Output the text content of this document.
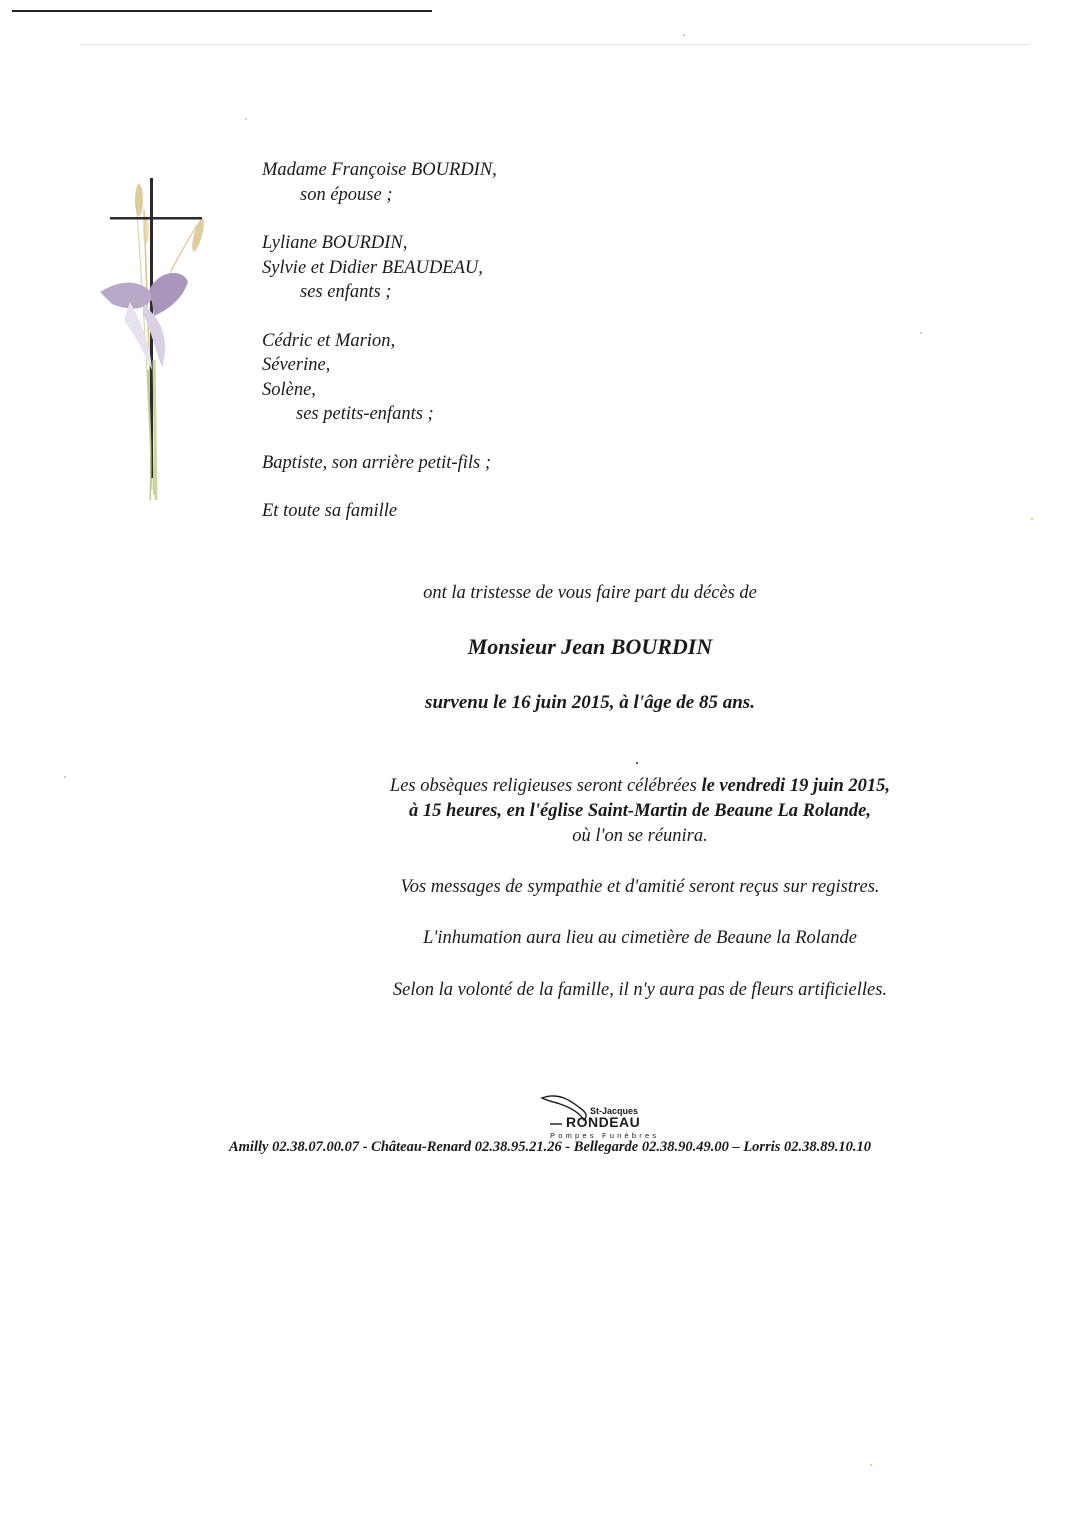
Madame Françoise BOURDIN,

son épouse ;

Lyliane BOURDIN,

Sylvie et Didier BEAUDEAU,

ses enfants ;

Cédric et Marion,

Séverine,

Solène,

ses petits-enfants ;

Baptiste, son arrière petit-fils ;

Et toute sa famille

ont la tristesse de vous faire part du décès de
Monsieur Jean BOURDIN
survenu le 16 juin 2015, à l'âge de 85 ans.

Les obsèques religieuses seront célébrées le vendredi 19 juin 2015,

à 15 heures, en l'église Saint-Martin de Beaune La Rolande,

où l'on se réunira.

Vos messages de sympathie et d'amitié seront reçus sur registres.
L'inhumation aura lieu au cimetière de Beaune la Rolande
Selon la volonté de la famille, il n'y aura pas de fleurs artificielles.
St-Jacques
RONDEAU
Pompes Funèbres
Amilly 02.38.07.00.07 - Château-Renard 02.38.95.21.26 - Bellegarde 02.38.90.49.00 – Lorris 02.38.89.10.10
